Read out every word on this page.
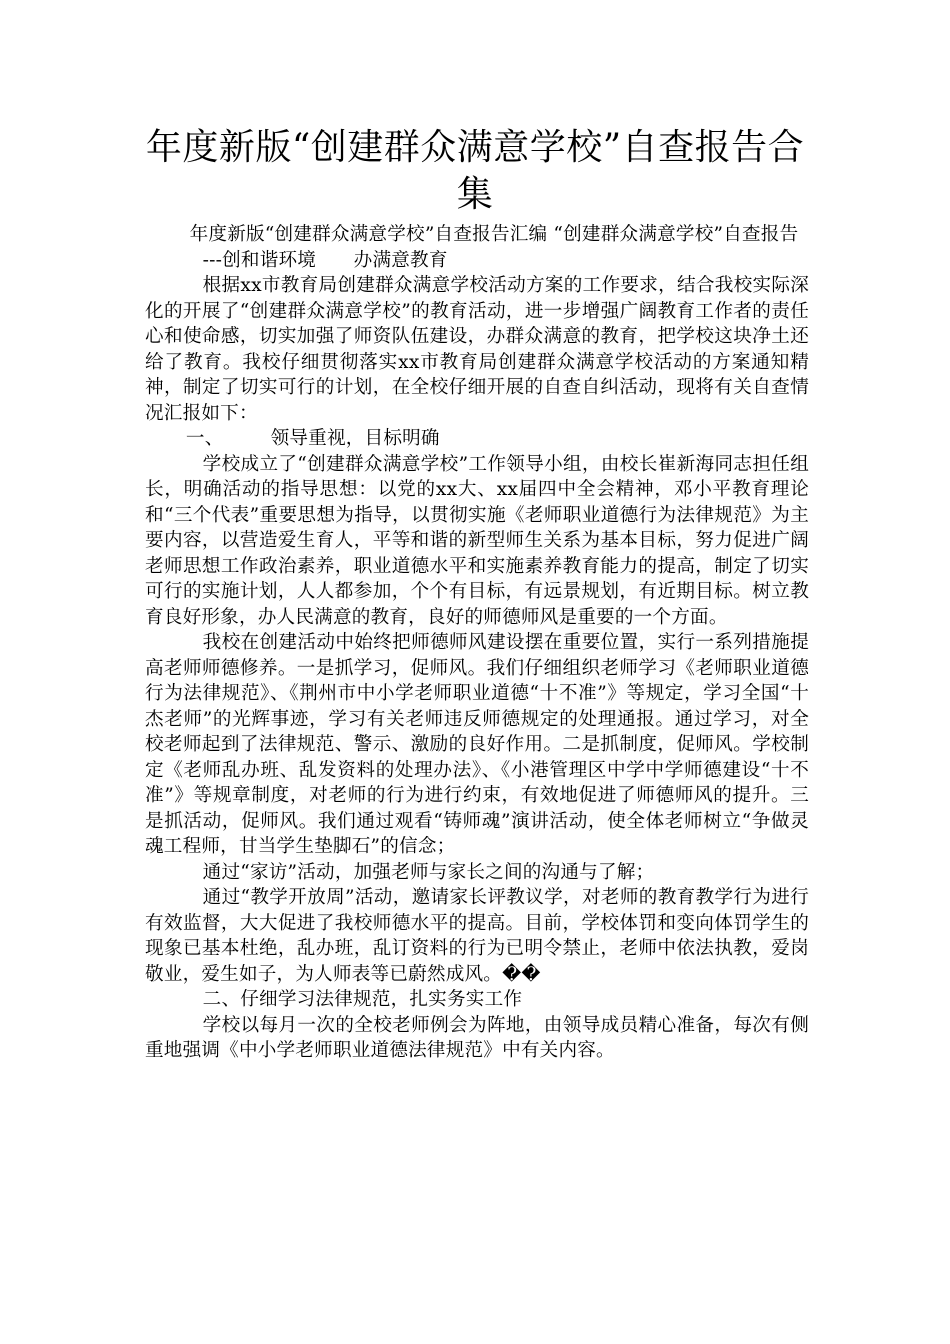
年度新版“创建群众满意学校”自查报告合集

年度新版“创建群众满意学校”自查报告汇编 “创建群众满意学校”自查报告

---创和谐环境　　办满意教育

根据xx市教育局创建群众满意学校活动方案的工作要求，结合我校实际深化的开展了“创建群众满意学校”的教育活动，进一步增强广阔教育工作者的责任心和使命感，切实加强了师资队伍建设，办群众满意的教育，把学校这块净土还给了教育。我校仔细贯彻落实xx市教育局创建群众满意学校活动的方案通知精神，制定了切实可行的计划，在全校仔细开展的自查自纠活动，现将有关自查情况汇报如下：

一、　　　领导重视，目标明确

学校成立了“创建群众满意学校”工作领导小组，由校长崔新海同志担任组长，明确活动的指导思想：以党的xx大、xx届四中全会精神，邓小平教育理论和“三个代表”重要思想为指导，以贯彻实施《老师职业道德行为法律规范》为主要内容，以营造爱生育人，平等和谐的新型师生关系为基本目标，努力促进广阔老师思想工作政治素养，职业道德水平和实施素养教育能力的提高，制定了切实可行的实施计划，人人都参加，个个有目标，有远景规划，有近期目标。树立教育良好形象，办人民满意的教育，良好的师德师风是重要的一个方面。

我校在创建活动中始终把师德师风建设摆在重要位置，实行一系列措施提高老师师德修养。一是抓学习，促师风。我们仔细组织老师学习《老师职业道德行为法律规范》、《荆州市中小学老师职业道德“十不准”》等规定，学习全国“十杰老师”的光辉事迹，学习有关老师违反师德规定的处理通报。通过学习，对全校老师起到了法律规范、警示、激励的良好作用。二是抓制度，促师风。学校制定《老师乱办班、乱发资料的处理办法》、《小港管理区中学中学师德建设“十不准”》等规章制度，对老师的行为进行约束，有效地促进了师德师风的提升。三是抓活动，促师风。我们通过观看“铸师魂”演讲活动，使全体老师树立“争做灵魂工程师，甘当学生垫脚石”的信念；

通过“家访”活动，加强老师与家长之间的沟通与了解；

通过“教学开放周”活动，邀请家长评教议学，对老师的教育教学行为进行有效监督，大大促进了我校师德水平的提高。目前，学校体罚和变向体罚学生的现象已基本杜绝，乱办班，乱订资料的行为已明令禁止，老师中依法执教，爱岗敬业，爱生如子，为人师表等已蔚然成风。��

二、仔细学习法律规范，扎实务实工作

学校以每月一次的全校老师例会为阵地，由领导成员精心准备，每次有侧重地强调《中小学老师职业道德法律规范》中有关内容。
